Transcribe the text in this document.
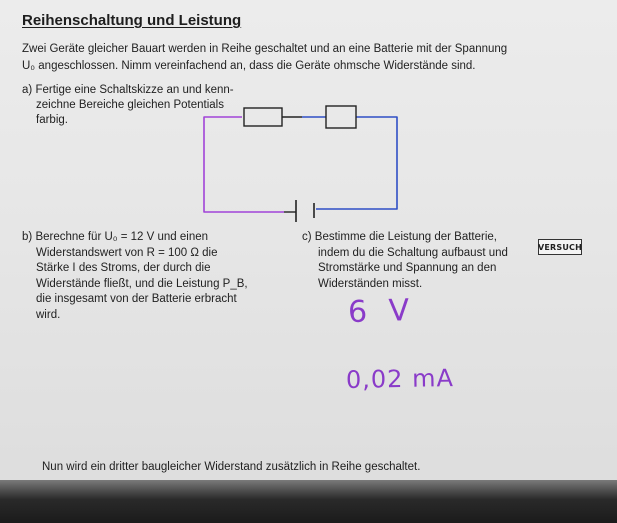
Reihenschaltung und Leistung
Zwei Geräte gleicher Bauart werden in Reihe geschaltet und an eine Batterie mit der Spannung
U₀ angeschlossen. Nimm vereinfachend an, dass die Geräte ohmsche Widerstände sind.
a) Fertige eine Schaltskizze an und kenn-
zeichne Bereiche gleichen Potentials
farbig.
b) Berechne für U₀ = 12 V und einen
Widerstandswert von R = 100 Ω die
Stärke I des Stroms, der durch die
Widerstände fließt, und die Leistung P_B,
die insgesamt von der Batterie erbracht
wird.
c) Bestimme die Leistung der Batterie,
indem du die Schaltung aufbaust und
Stromstärke und Spannung an den
Widerständen misst.
VERSUCH
6 V
0,02 mA
Nun wird ein dritter baugleicher Widerstand zusätzlich in Reihe geschaltet.
